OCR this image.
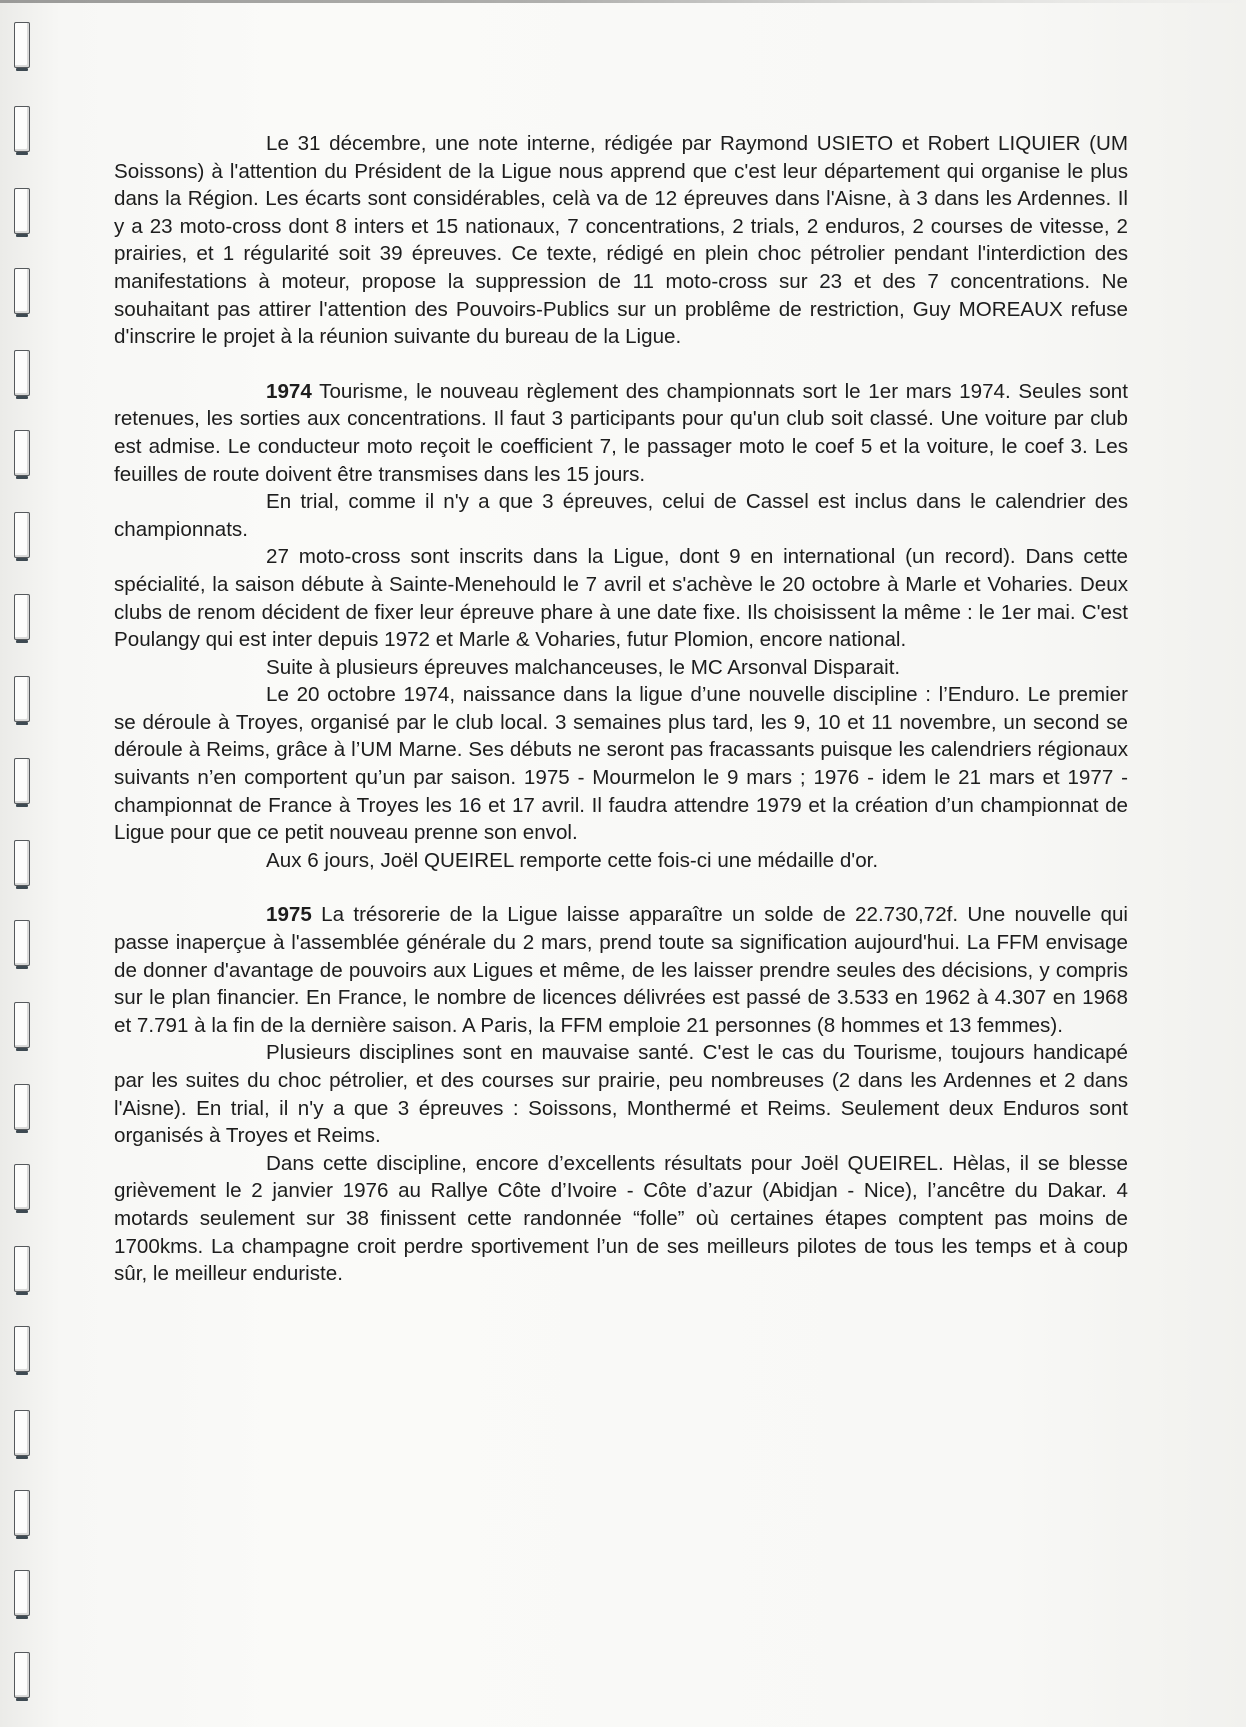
Le 31 décembre, une note interne, rédigée par Raymond USIETO et Robert LIQUIER (UM Soissons) à l'attention du Président de la Ligue nous apprend que c'est leur département qui organise le plus dans la Région. Les écarts sont considérables, celà va de 12 épreuves dans l'Aisne, à 3 dans les Ardennes. Il y a 23 moto-cross dont 8 inters et 15 nationaux, 7 concentrations, 2 trials, 2 enduros, 2 courses de vitesse, 2 prairies, et 1 régularité soit 39 épreuves. Ce texte, rédigé en plein choc pétrolier pendant l'interdiction des manifestations à moteur, propose la suppression de 11 moto-cross sur 23 et des 7 concentrations. Ne souhaitant pas attirer l'attention des Pouvoirs-Publics sur un problême de restriction, Guy MOREAUX refuse d'inscrire le projet à la réunion suivante du bureau de la Ligue.

1974 Tourisme, le nouveau règlement des championnats sort le 1er mars 1974. Seules sont retenues, les sorties aux concentrations. Il faut 3 participants pour qu'un club soit classé. Une voiture par club est admise. Le conducteur moto reçoit le coefficient 7, le passager moto le coef 5 et la voiture, le coef 3. Les feuilles de route doivent être transmises dans les 15 jours.

En trial, comme il n'y a que 3 épreuves, celui de Cassel est inclus dans le calendrier des championnats.

27 moto-cross sont inscrits dans la Ligue, dont 9 en international (un record). Dans cette spécialité, la saison débute à Sainte-Menehould le 7 avril et s'achève le 20 octobre à Marle et Voharies. Deux clubs de renom décident de fixer leur épreuve phare à une date fixe. Ils choisissent la même : le 1er mai. C'est Poulangy qui est inter depuis 1972 et Marle & Voharies, futur Plomion, encore national.

Suite à plusieurs épreuves malchanceuses, le MC Arsonval Disparait.

Le 20 octobre 1974, naissance dans la ligue d’une nouvelle discipline : l’Enduro. Le premier se déroule à Troyes, organisé par le club local. 3 semaines plus tard, les 9, 10 et 11 novembre, un second se déroule à Reims, grâce à l’UM Marne. Ses débuts ne seront pas fracassants puisque les calendriers régionaux suivants n’en comportent qu’un par saison. 1975 - Mourmelon le 9 mars ; 1976 - idem le 21 mars et 1977 - championnat de France à Troyes les 16 et 17 avril. Il faudra attendre 1979 et la création d’un championnat de Ligue pour que ce petit nouveau prenne son envol.

Aux 6 jours, Joël QUEIREL remporte cette fois-ci une médaille d'or.

1975 La trésorerie de la Ligue laisse apparaître un solde de 22.730,72f. Une nouvelle qui passe inaperçue à l'assemblée générale du 2 mars, prend toute sa signification aujourd'hui. La FFM envisage de donner d'avantage de pouvoirs aux Ligues et même, de les laisser prendre seules des décisions, y compris sur le plan financier. En France, le nombre de licences délivrées est passé de 3.533 en 1962 à 4.307 en 1968 et 7.791 à la fin de la dernière saison. A Paris, la FFM emploie 21 personnes (8 hommes et 13 femmes).

Plusieurs disciplines sont en mauvaise santé. C'est le cas du Tourisme, toujours handicapé par les suites du choc pétrolier, et des courses sur prairie, peu nombreuses (2 dans les Ardennes et 2 dans l'Aisne). En trial, il n'y a que 3 épreuves : Soissons, Monthermé et Reims. Seulement deux Enduros sont organisés à Troyes et Reims.

Dans cette discipline, encore d’excellents résultats pour Joël QUEIREL. Hèlas, il se blesse grièvement le 2 janvier 1976 au Rallye Côte d’Ivoire - Côte d’azur (Abidjan - Nice), l’ancêtre du Dakar. 4 motards seulement sur 38 finissent cette randonnée “folle” où certaines étapes comptent pas moins de 1700kms. La champagne croit perdre sportivement l’un de ses meilleurs pilotes de tous les temps et à coup sûr, le meilleur enduriste.
